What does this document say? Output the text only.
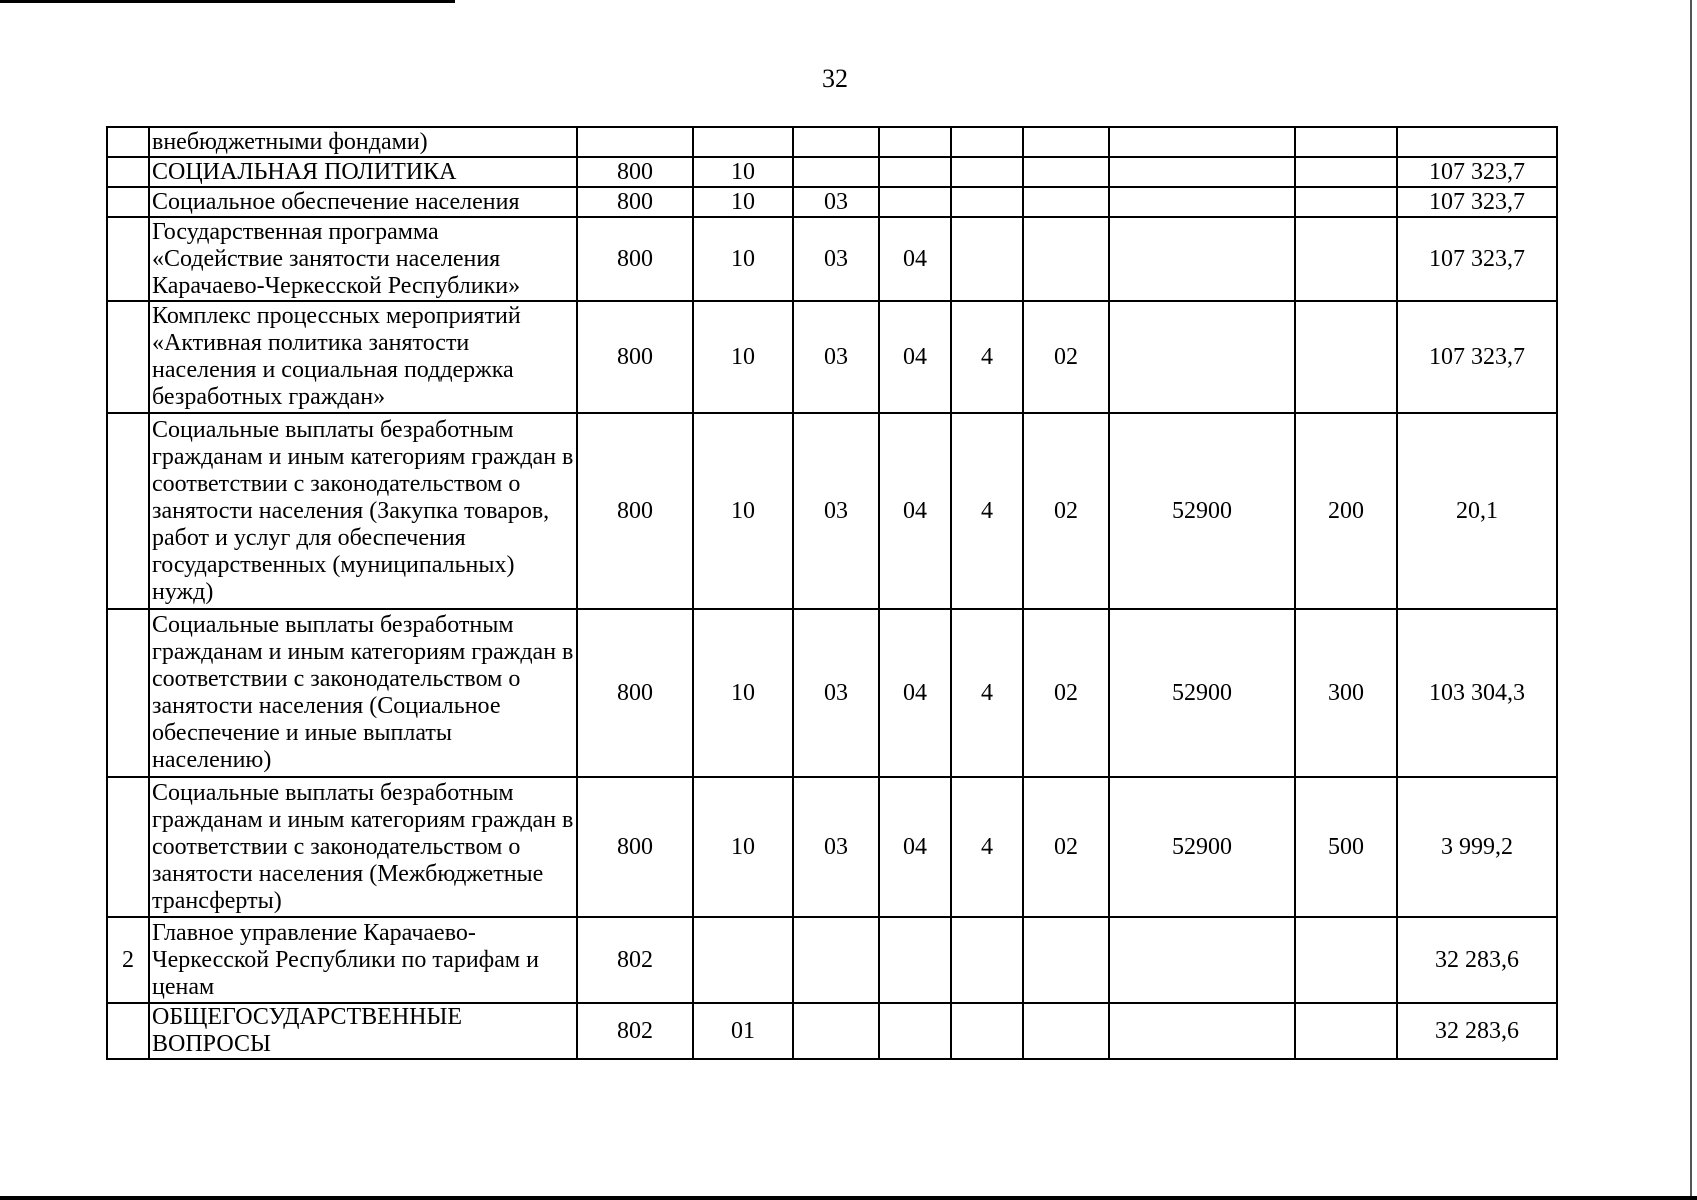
32
	внебюджетными фондами)									
	СОЦИАЛЬНАЯ ПОЛИТИКА	800	10							107 323,7
	Социальное обеспечение населения	800	10	03						107 323,7
	Государственная программа «Содействие занятости населения Карачаево-Черкесской Республики»	800	10	03	04					107 323,7
	Комплекс процессных мероприятий «Активная политика занятости населения и социальная поддержка безработных граждан»	800	10	03	04	4	02			107 323,7
	Социальные выплаты безработным гражданам и иным категориям граждан в соответствии с законодательством о занятости населения (Закупка товаров, работ и услуг для обеспечения государственных (муниципальных) нужд)	800	10	03	04	4	02	52900	200	20,1
	Социальные выплаты безработным гражданам и иным категориям граждан в соответствии с законодательством о занятости населения (Социальное обеспечение и иные выплаты населению)	800	10	03	04	4	02	52900	300	103 304,3
	Социальные выплаты безработным гражданам и иным категориям граждан в соответствии с законодательством о занятости населения (Межбюджетные трансферты)	800	10	03	04	4	02	52900	500	3 999,2
2	Главное управление Карачаево-Черкесской Республики по тарифам и ценам	802								32 283,6
	ОБЩЕГОСУДАРСТВЕННЫЕ ВОПРОСЫ	802	01							32 283,6
